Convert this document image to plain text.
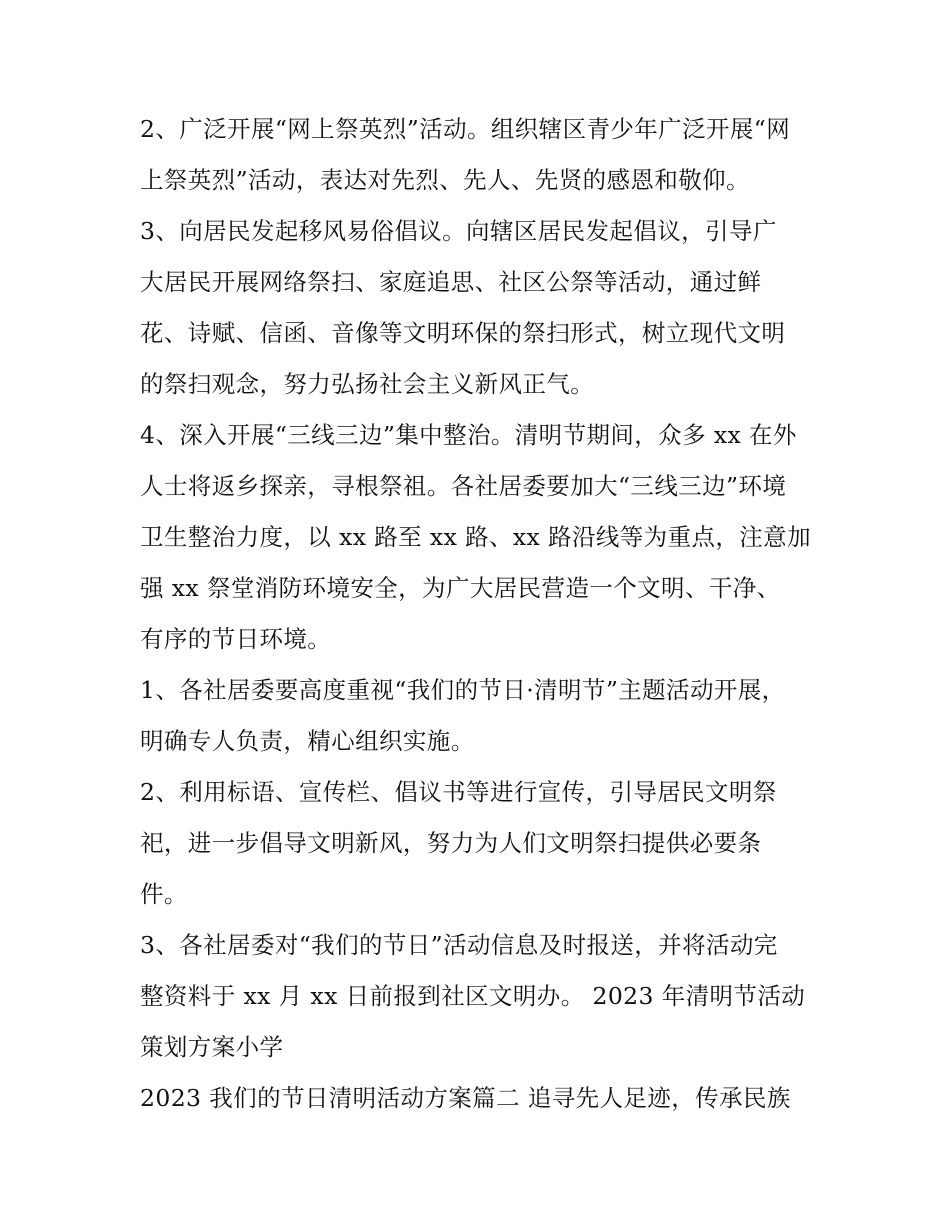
2、广泛开展“网上祭英烈”活动。组织辖区青少年广泛开展“网
上祭英烈”活动，表达对先烈、先人、先贤的感恩和敬仰。
3、向居民发起移风易俗倡议。向辖区居民发起倡议，引导广
大居民开展网络祭扫、家庭追思、社区公祭等活动，通过鲜
花、诗赋、信函、音像等文明环保的祭扫形式，树立现代文明
的祭扫观念，努力弘扬社会主义新风正气。
4、深入开展“三线三边”集中整治。清明节期间，众多 xx 在外
人士将返乡探亲，寻根祭祖。各社居委要加大“三线三边”环境
卫生整治力度，以 xx 路至 xx 路、xx 路沿线等为重点，注意加
强 xx 祭堂消防环境安全，为广大居民营造一个文明、干净、
有序的节日环境。
1、各社居委要高度重视“我们的节日·清明节”主题活动开展，
明确专人负责，精心组织实施。
2、利用标语、宣传栏、倡议书等进行宣传，引导居民文明祭
祀，进一步倡导文明新风，努力为人们文明祭扫提供必要条
件。
3、各社居委对“我们的节日”活动信息及时报送，并将活动完
整资料于 xx 月 xx 日前报到社区文明办。 2023 年清明节活动
策划方案小学
2023 我们的节日清明活动方案篇二 追寻先人足迹，传承民族
